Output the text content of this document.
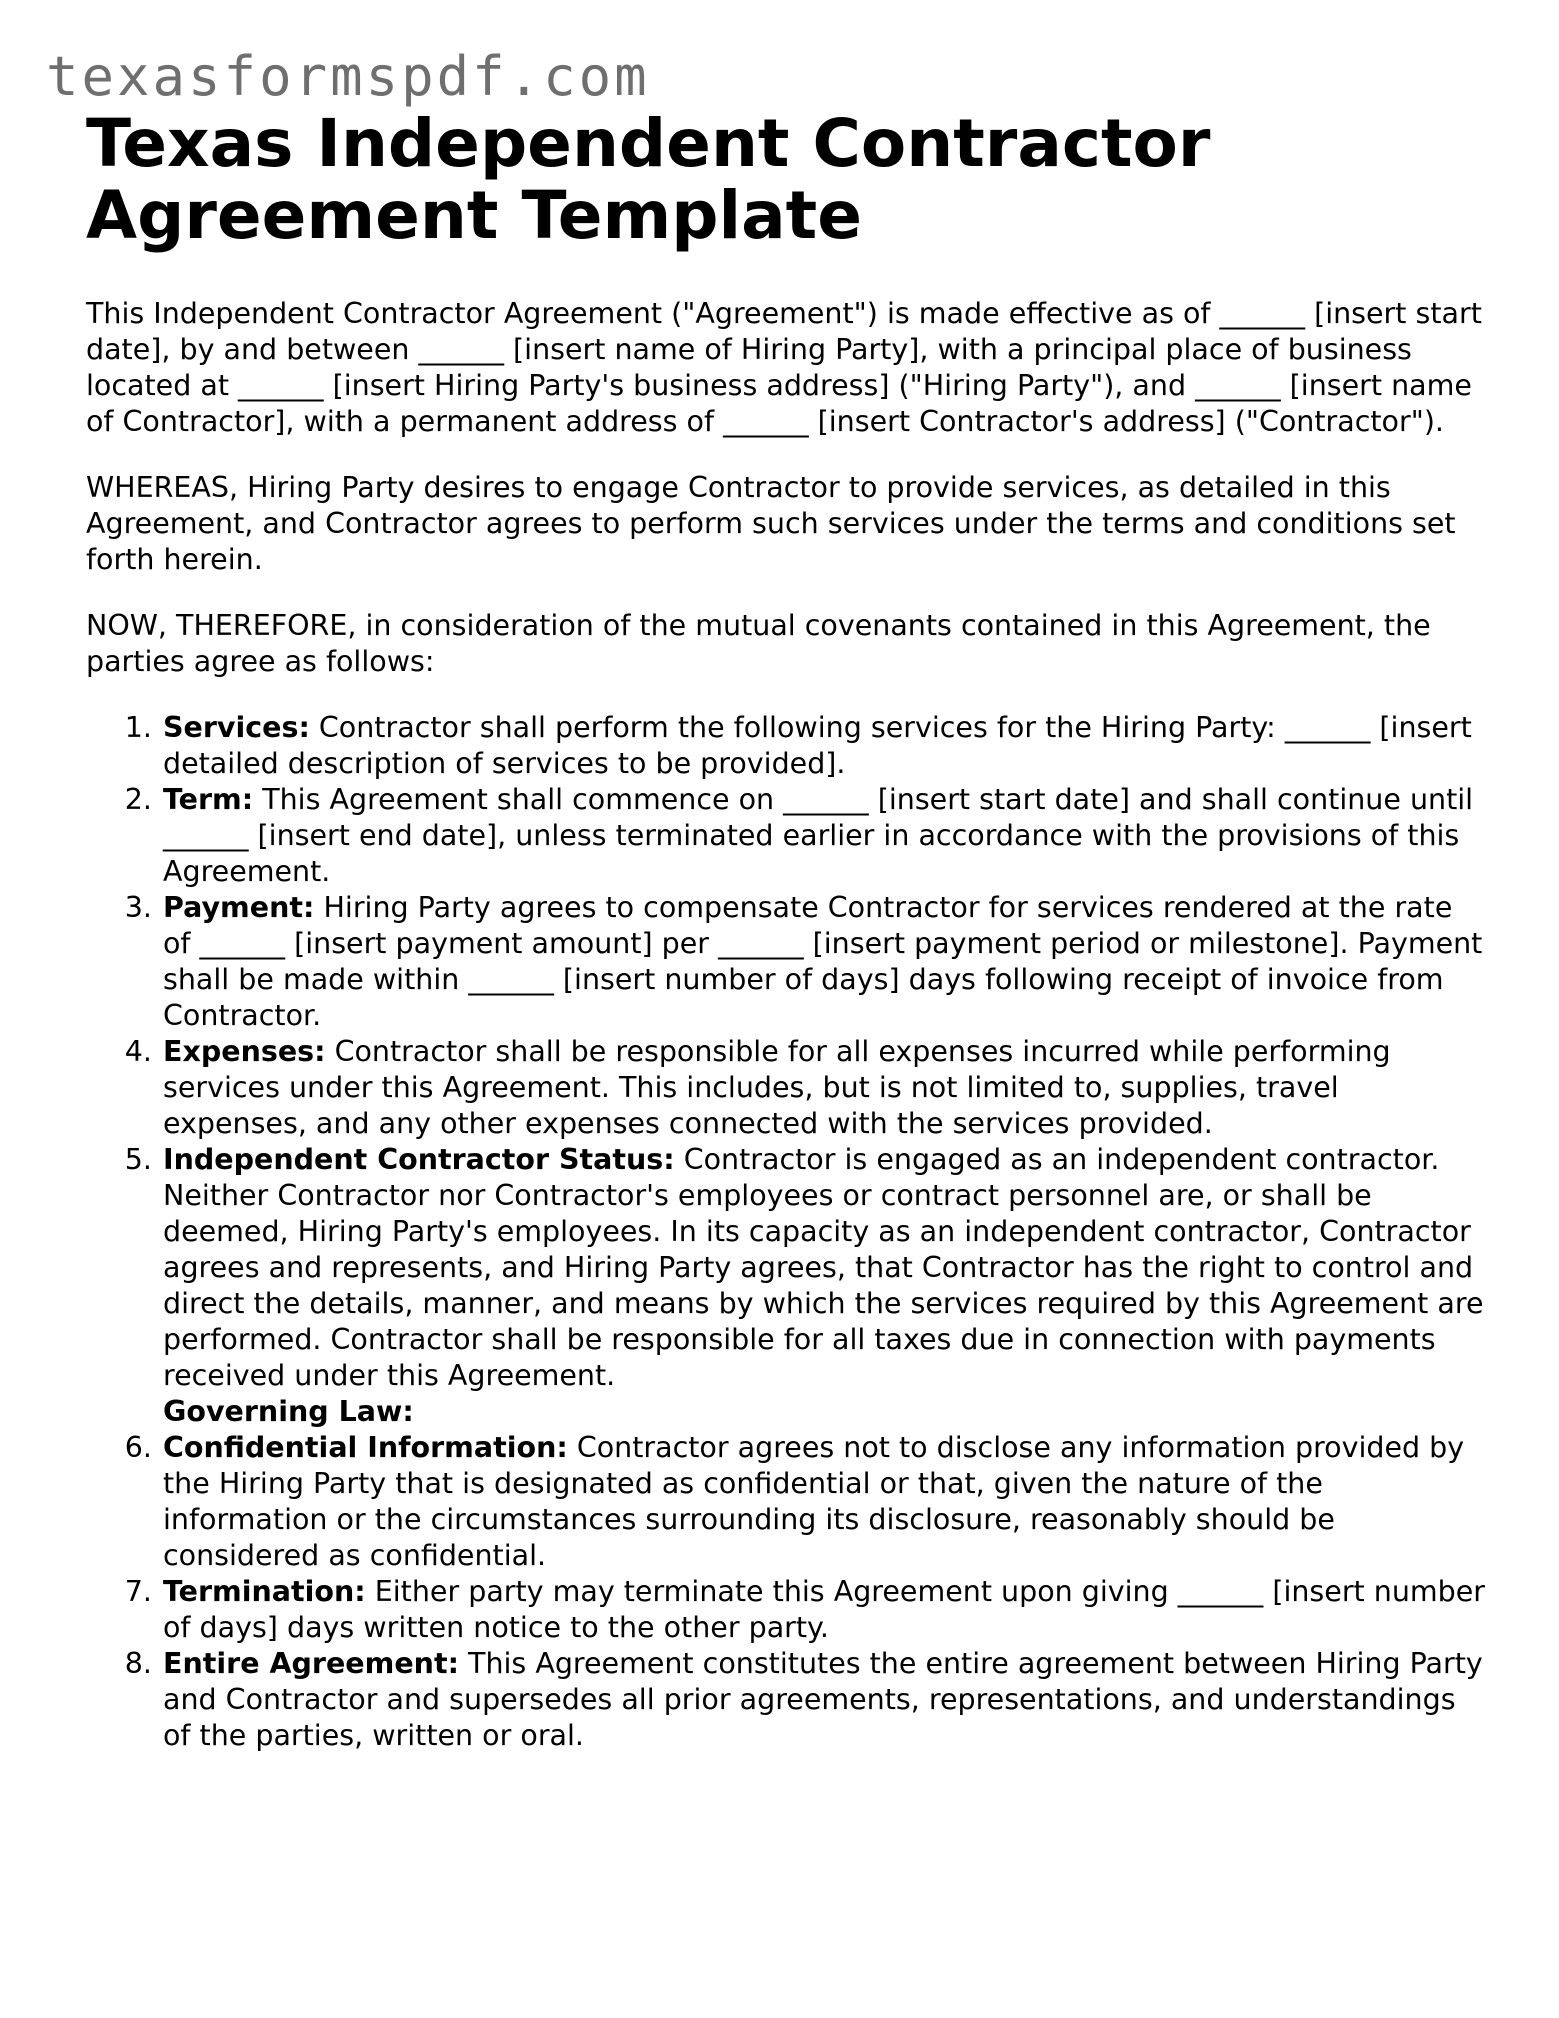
texasformspdf.com
Texas Independent Contractor Agreement Template

This Independent Contractor Agreement ("Agreement") is made effective as of ______ [insert start date], by and between ______ [insert name of Hiring Party], with a principal place of business located at ______ [insert Hiring Party's business address] ("Hiring Party"), and ______ [insert name of Contractor], with a permanent address of ______ [insert Contractor's address] ("Contractor").

WHEREAS, Hiring Party desires to engage Contractor to provide services, as detailed in this Agreement, and Contractor agrees to perform such services under the terms and conditions set forth herein.

NOW, THEREFORE, in consideration of the mutual covenants contained in this Agreement, the parties agree as follows:

1. Services: Contractor shall perform the following services for the Hiring Party: ______ [insert detailed description of services to be provided].
2. Term: This Agreement shall commence on ______ [insert start date] and shall continue until ______ [insert end date], unless terminated earlier in accordance with the provisions of this Agreement.
3. Payment: Hiring Party agrees to compensate Contractor for services rendered at the rate of ______ [insert payment amount] per ______ [insert payment period or milestone]. Payment shall be made within ______ [insert number of days] days following receipt of invoice from Contractor.
4. Expenses: Contractor shall be responsible for all expenses incurred while performing services under this Agreement. This includes, but is not limited to, supplies, travel expenses, and any other expenses connected with the services provided.
5. Independent Contractor Status: Contractor is engaged as an independent contractor. Neither Contractor nor Contractor's employees or contract personnel are, or shall be deemed, Hiring Party's employees. In its capacity as an independent contractor, Contractor agrees and represents, and Hiring Party agrees, that Contractor has the right to control and direct the details, manner, and means by which the services required by this Agreement are performed. Contractor shall be responsible for all taxes due in connection with payments received under this Agreement.
Governing Law:
6. Confidential Information: Contractor agrees not to disclose any information provided by the Hiring Party that is designated as confidential or that, given the nature of the information or the circumstances surrounding its disclosure, reasonably should be considered as confidential.
7. Termination: Either party may terminate this Agreement upon giving ______ [insert number of days] days written notice to the other party.
8. Entire Agreement: This Agreement constitutes the entire agreement between Hiring Party and Contractor and supersedes all prior agreements, representations, and understandings of the parties, written or oral.
